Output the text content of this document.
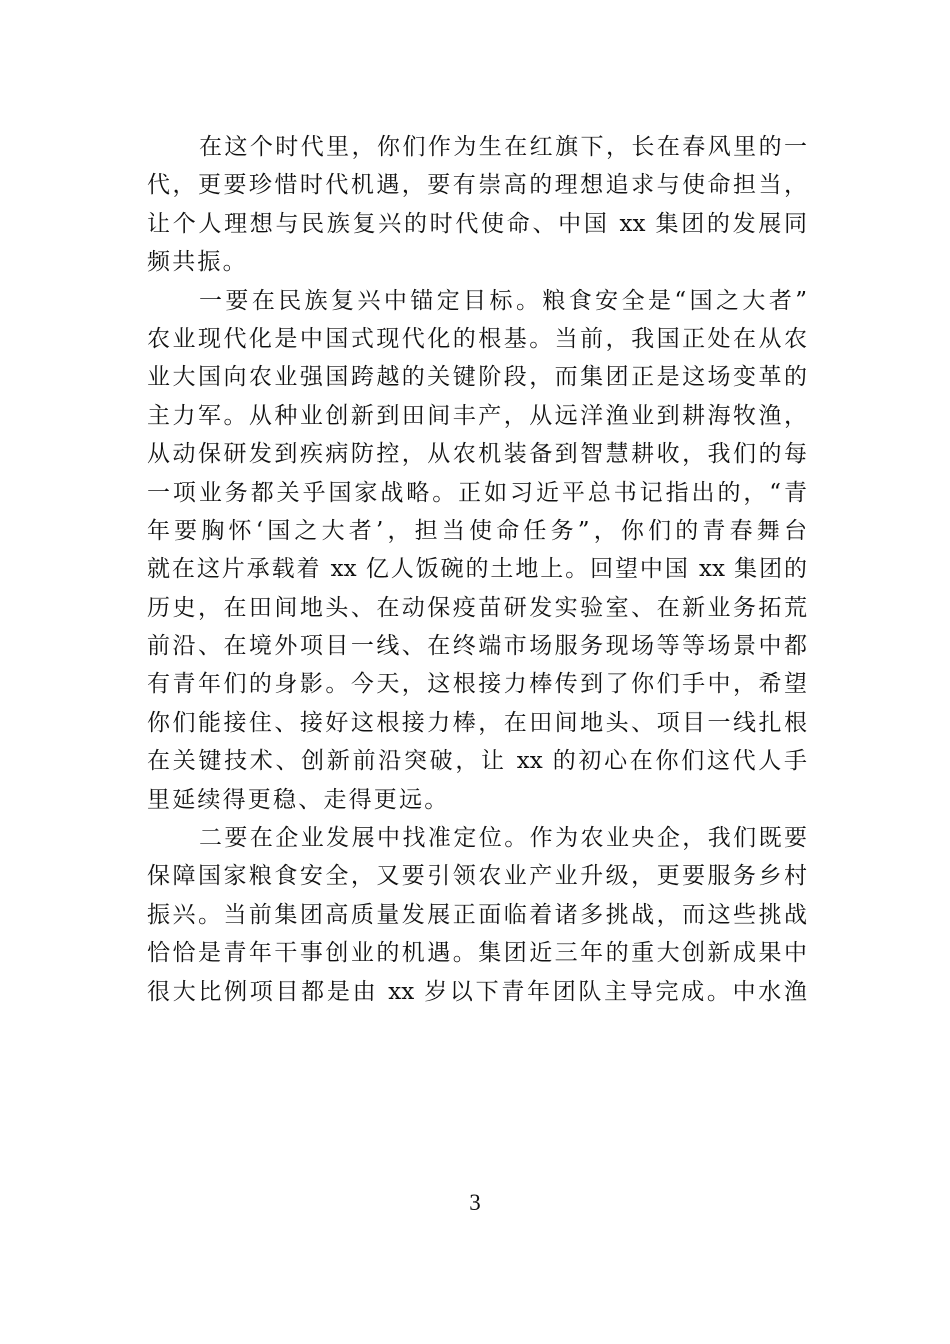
在这个时代里，你们作为生在红旗下，长在春风里的一
代，更要珍惜时代机遇，要有崇高的理想追求与使命担当，
让个人理想与民族复兴的时代使命、中国 xx 集团的发展同
频共振。
一要在民族复兴中锚定目标。粮食安全是“国之大者”
农业现代化是中国式现代化的根基。当前，我国正处在从农
业大国向农业强国跨越的关键阶段，而集团正是这场变革的
主力军。从种业创新到田间丰产，从远洋渔业到耕海牧渔，
从动保研发到疾病防控，从农机装备到智慧耕收，我们的每
一项业务都关乎国家战略。正如习近平总书记指出的，“青
年要胸怀‘国之大者’，担当使命任务”，你们的青春舞台
就在这片承载着 xx 亿人饭碗的土地上。回望中国 xx 集团的
历史，在田间地头、在动保疫苗研发实验室、在新业务拓荒
前沿、在境外项目一线、在终端市场服务现场等等场景中都
有青年们的身影。今天，这根接力棒传到了你们手中，希望
你们能接住、接好这根接力棒，在田间地头、项目一线扎根
在关键技术、创新前沿突破，让 xx 的初心在你们这代人手
里延续得更稳、走得更远。
二要在企业发展中找准定位。作为农业央企，我们既要
保障国家粮食安全，又要引领农业产业升级，更要服务乡村
振兴。当前集团高质量发展正面临着诸多挑战，而这些挑战
恰恰是青年干事创业的机遇。集团近三年的重大创新成果中
很大比例项目都是由 xx 岁以下青年团队主导完成。中水渔
3
